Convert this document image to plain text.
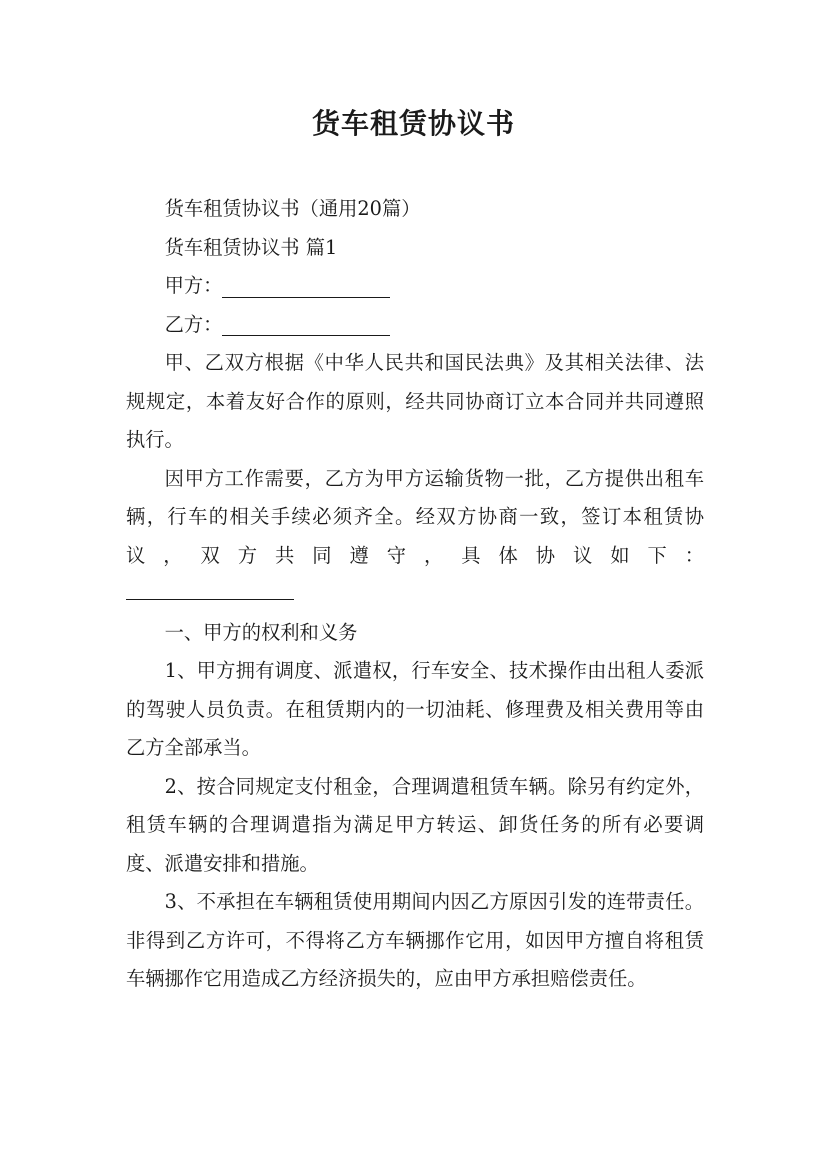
货车租赁协议书

货车租赁协议书（通用20篇）

货车租赁协议书 篇1

甲方：

乙方：

甲、乙双方根据《中华人民共和国民法典》及其相关法律、法规规定，本着友好合作的原则，经共同协商订立本合同并共同遵照执行。

因甲方工作需要，乙方为甲方运输货物一批，乙方提供出租车辆，行车的相关手续必须齐全。经双方协商一致，签订本租赁协议，双方共同遵守，具体协议如下：

一、甲方的权利和义务

1、甲方拥有调度、派遣权，行车安全、技术操作由出租人委派的驾驶人员负责。在租赁期内的一切油耗、修理费及相关费用等由乙方全部承当。

2、按合同规定支付租金，合理调遣租赁车辆。除另有约定外，租赁车辆的合理调遣指为满足甲方转运、卸货任务的所有必要调度、派遣安排和措施。

3、不承担在车辆租赁使用期间内因乙方原因引发的连带责任。 非得到乙方许可，不得将乙方车辆挪作它用，如因甲方擅自将租赁车辆挪作它用造成乙方经济损失的，应由甲方承担赔偿责任。
